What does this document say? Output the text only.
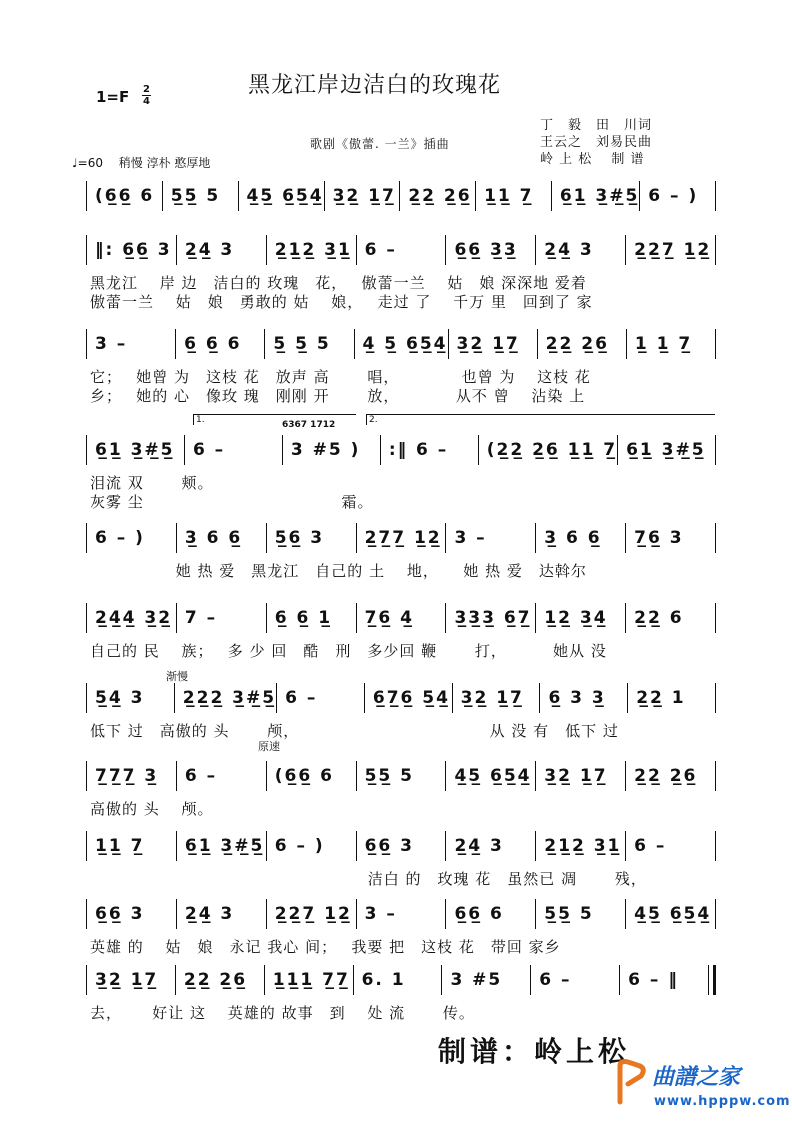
黑龙江岸边洁白的玫瑰花
1=F 2
4
丁　毅　田　川词
王云之　刘易民曲
岭 上 松　 制 谱
歌剧《傲蕾. 一兰》插曲
♩=60　 稍慢 淳朴 憨厚地
(6̲6̲ 6 5̲5̲ 5	4̲5̲ 6̲5̲4̲ 3̲2̲ 1̲7̲ 2̲2̲ 2̲6̲ 1̲1̲ 7̲	6̲1̲ 3̲#̲5̲ 6 – )
‖: 6̲6̲ 3 2̲4̲ 3	2̲1̲2̲ 3̲1̲ 6 –	6̲6̲ 3̲3̲	2̲4̲ 3	2̲2̲7̲ 1̲2̲
黑龙江　 岸 边　洁白的 玫瑰　花，　 傲蕾一兰　 姑　娘 深深地 爱着
傲蕾一兰　 姑　娘　勇敢的 姑　 娘，　 走过 了　 千万 里　回到了 家
3 –	6̲ 6̲ 6	5̲ 5̲ 5	4̲ 5̲ 6̲5̲4̲ 3̲2̲ 1̲7̲	2̲2̲ 2̲6̲	1̲ 1̲ 7̲
它；　 她曾 为　这枝 花　放声 高　　 唱，　　　　 也曾 为　 这枝 花
乡；　 她的 心　像玫 瑰　刚刚 开　　 放，　　　　从不 曾　 沾染 上
6̲1̲ 3̲#̲5̲	6 –	3 #5 )	:‖ 6 –	(2̲2̲ 2̲6̲ 1̲1̲ 7̲ 6̲1̲ 3̲#̲5̲
泪流 双　　 颊。
灰雾 尘　　　　　　　　　　　　 霜。
6 – )	3̲ 6 6̲	5̲6̲ 3	2̲7̲7̲ 1̲2̲ 3 –	3̲ 6 6̲	7̲6̲ 3
　　　　　 她 热 爱　黑龙江　自己的 土　 地，　　她 热 爱　达斡尔
2̲4̲4̲ 3̲2̲ 7 –	6̲ 6̲ 1̲	7̲6̲ 4̲	3̲3̲3̲ 6̲7̲ 1̲2̲ 3̲4̲	2̲2̲ 6
自己的 民　 族；　 多 少 回　酷　刑　多少回 鞭　　 打，　　　 她从 没
5̲4̲ 3	2̲2̲2̲ 3̲#̲5̲ 6 –	6̲7̲6̲ 5̲4̲ 3̲2̲ 1̲7̲	6̲ 3 3̲	2̲2̲ 1
低下 过　高傲的 头　　 颅，　　　　　　　　　　　　 从 没 有　低下 过
7̲7̲7̲ 3̲	6 –	(6̲6̲ 6	5̲5̲ 5	4̲5̲ 6̲5̲4̲ 3̲2̲ 1̲7̲	2̲2̲ 2̲6̲
高傲的 头　 颅。
1̲1̲ 7̲	6̲1̲ 3̲#̲5̲ 6 – )	6̲6̲ 3	2̲4̲ 3	2̲1̲2̲ 3̲1̲ 6 –
　　　　　　　　　　　　　　　　　 洁白 的　玫瑰 花　虽然已 凋　　 残，
6̲6̲ 3	2̲4̲ 3	2̲2̲7̲ 1̲2̲ 3 –	6̲6̲ 6	5̲5̲ 5	4̲5̲ 6̲5̲4̲
英雄 的　 姑　娘　永记 我心 间；　 我要 把　这枝 花　带回 家乡
3̲2̲ 1̲7̲	2̲2̲ 2̲6̲	1̲1̲1̲ 7̲7̲ 6. 1	3 #5	6 –	6 – ‖
去，　　 好让 这　 英雄的 故事　到　 处 流　　 传。
1.	2.
6367 1712
渐慢
原速
制谱：岭上松
曲譜之家
www.hpppw.com
